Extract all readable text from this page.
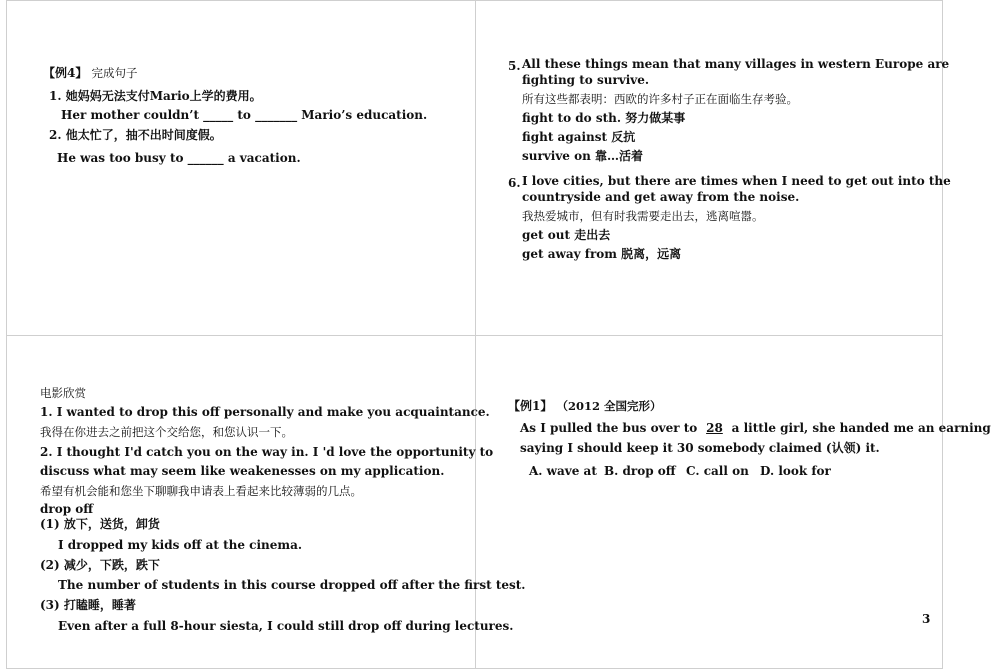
【例4】 完成句子
1. 她妈妈无法支付Mario上学的费用。
Her mother couldn’t _____ to _______ Mario’s education.
2. 他太忙了，抽不出时间度假。
He was too busy to ______ a vacation.
5. All these things mean that many villages in western Europe are
fighting to survive.
所有这些都表明：西欧的许多村子正在面临生存考验。
fight to do sth. 努力做某事
fight against 反抗
survive on 靠…活着
6. I love cities, but there are times when I need to get out into the
countryside and get away from the noise.
我热爱城市，但有时我需要走出去，逃离喧嚣。
get out 走出去
get away from 脱离，远离
电影欣赏
1. I wanted to drop this off personally and make you acquaintance.
我得在你进去之前把这个交给您，和您认识一下。
2. I thought I'd catch you on the way in. I 'd love the opportunity to
discuss what may seem like weakenesses on my application.
希望有机会能和您坐下聊聊我申请表上看起来比较薄弱的几点。
drop off
(1) 放下，送货，卸货
I dropped my kids off at the cinema.
(2) 减少，下跌，跌下
The number of students in this course dropped off after the first test.
(3) 打瞌睡，睡著
Even after a full 8-hour siesta, I could still drop off during lectures.
【例1】 （2012 全国完形）
As I pulled the bus over to 28 a little girl, she handed me an earning
saying I should keep it 30 somebody claimed (认领) it.
A. wave at B. drop off C. call on D. look for
3
